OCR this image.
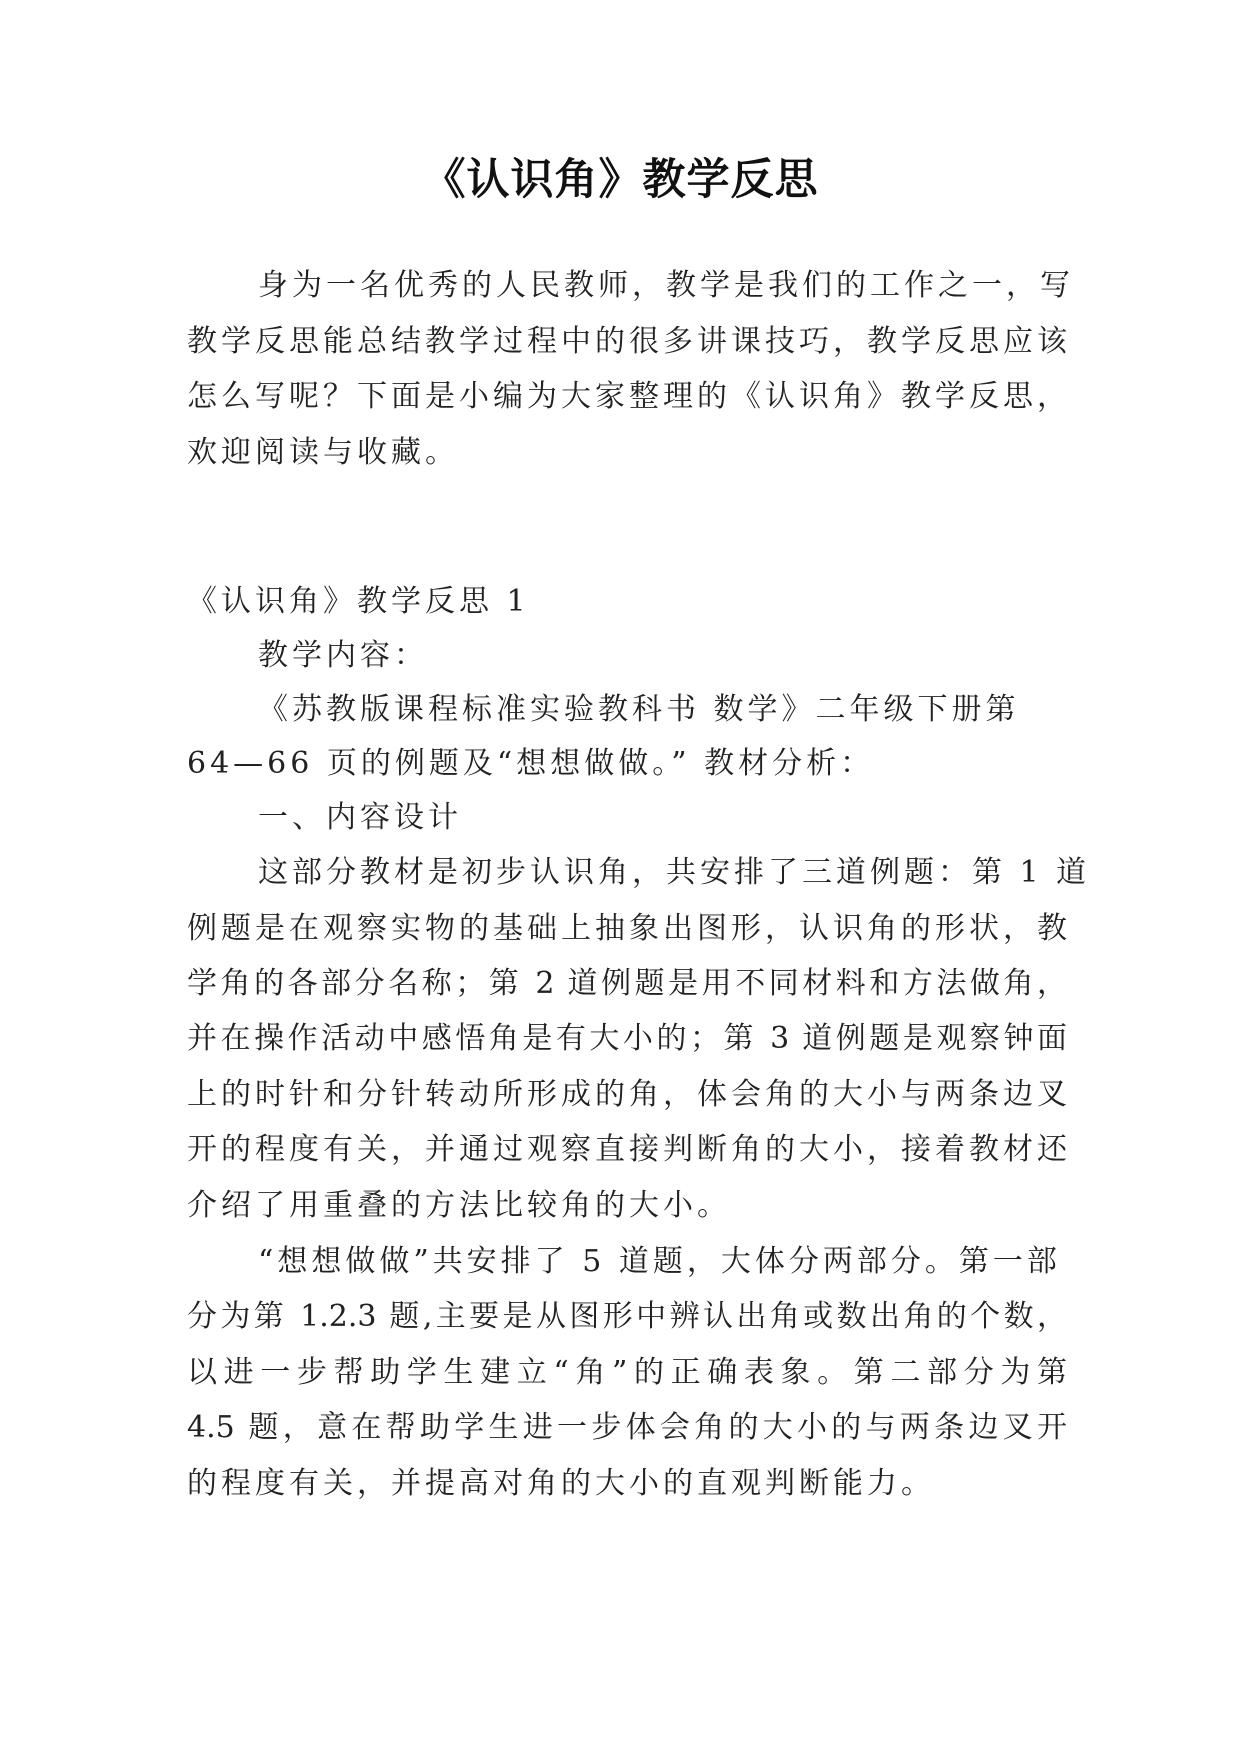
《认识角》教学反思
身为一名优秀的人民教师，教学是我们的工作之一，写
教学反思能总结教学过程中的很多讲课技巧，教学反思应该
怎么写呢？下面是小编为大家整理的《认识角》教学反思，
欢迎阅读与收藏。
《认识角》教学反思 1
教学内容：
《苏教版课程标准实验教科书 数学》二年级下册第
64—66 页的例题及“想想做做。” 教材分析：
一、内容设计
这部分教材是初步认识角，共安排了三道例题：第 1 道
例题是在观察实物的基础上抽象出图形，认识角的形状，教
学角的各部分名称；第 2 道例题是用不同材料和方法做角，
并在操作活动中感悟角是有大小的；第 3 道例题是观察钟面
上的时针和分针转动所形成的角，体会角的大小与两条边叉
开的程度有关，并通过观察直接判断角的大小，接着教材还
介绍了用重叠的方法比较角的大小。
“想想做做”共安排了 5 道题，大体分两部分。第一部
分为第 1.2.3 题,主要是从图形中辨认出角或数出角的个数，
以进一步帮助学生建立“角”的正确表象。第二部分为第
4.5 题，意在帮助学生进一步体会角的大小的与两条边叉开
的程度有关，并提高对角的大小的直观判断能力。
